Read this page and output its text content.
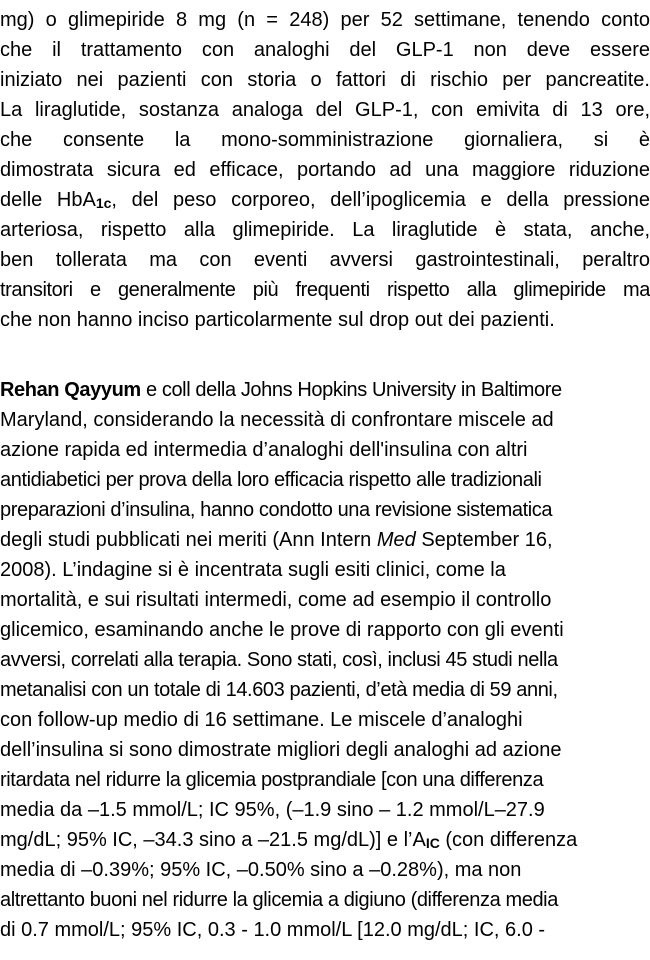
mg) o glimepiride 8 mg (n = 248) per 52 settimane, tenendo conto
che il trattamento con analoghi del GLP-1 non deve essere
iniziato nei pazienti con storia o fattori di rischio per pancreatite.
La liraglutide, sostanza analoga del GLP-1, con emivita di 13 ore,
che consente la mono-somministrazione giornaliera, si è
dimostrata sicura ed efficace, portando ad una maggiore riduzione
delle HbA1c, del peso corporeo, dell’ipoglicemia e della pressione
arteriosa, rispetto alla glimepiride. La liraglutide è stata, anche,
ben tollerata ma con eventi avversi gastrointestinali, peraltro
transitori e generalmente più frequenti rispetto alla glimepiride ma
che non hanno inciso particolarmente sul drop out dei pazienti.
Rehan Qayyum e coll della Johns Hopkins University in Baltimore
Maryland, considerando la necessità di confrontare miscele ad
azione rapida ed intermedia d’analoghi dell'insulina con altri
antidiabetici per prova della loro efficacia rispetto alle tradizionali
preparazioni d’insulina, hanno condotto una revisione sistematica
degli studi pubblicati nei meriti (Ann Intern Med September 16,
2008). L’indagine si è incentrata sugli esiti clinici, come la
mortalità, e sui risultati intermedi, come ad esempio il controllo
glicemico, esaminando anche le prove di rapporto con gli eventi
avversi, correlati alla terapia. Sono stati, così, inclusi 45 studi nella
metanalisi con un totale di 14.603 pazienti, d’età media di 59 anni,
con follow-up medio di 16 settimane. Le miscele d’analoghi
dell’insulina si sono dimostrate migliori degli analoghi ad azione
ritardata nel ridurre la glicemia postprandiale [con una differenza
media da –1.5 mmol/L; IC 95%, (–1.9 sino – 1.2 mmol/L–27.9
mg/dL; 95% IC, –34.3 sino a –21.5 mg/dL)] e l’AIC (con differenza
media di –0.39%; 95% IC, –0.50% sino a –0.28%), ma non
altrettanto buoni nel ridurre la glicemia a digiuno (differenza media
di 0.7 mmol/L; 95% IC, 0.3 - 1.0 mmol/L [12.0 mg/dL; IC, 6.0 -
